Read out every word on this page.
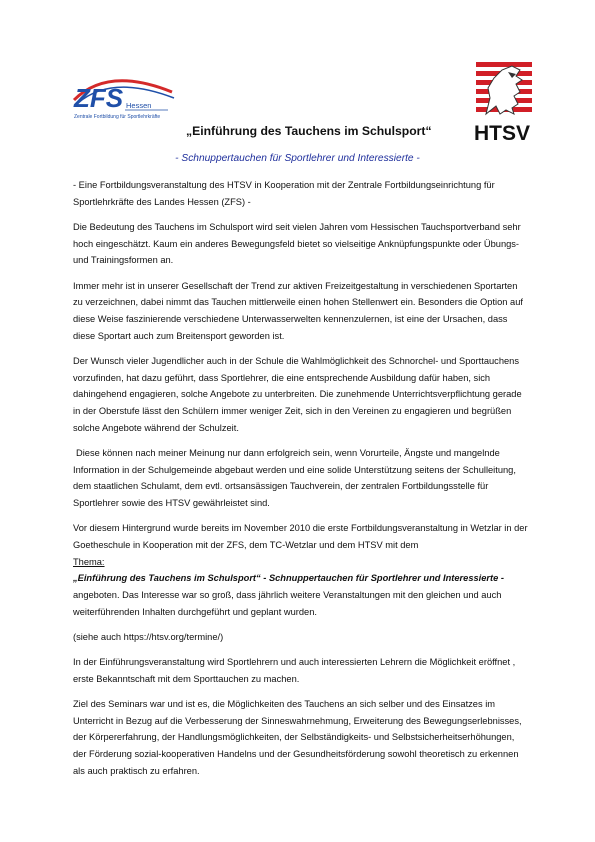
ZFS Hessen
Zentrale Fortbildung für Sportlehrkräfte
HTSV
„Einführung des Tauchens im Schulsport“
- Schnuppertauchen für Sportlehrer und Interessierte -

- Eine Fortbildungsveranstaltung des HTSV in Kooperation mit der Zentrale Fortbildungseinrichtung für Sportlehrkräfte des Landes Hessen (ZFS) -

Die Bedeutung des Tauchens im Schulsport wird seit vielen Jahren vom Hessischen Tauchsportverband sehr hoch eingeschätzt. Kaum ein anderes Bewegungsfeld bietet so vielseitige Anknüpfungspunkte oder Übungs- und Trainingsformen an.

Immer mehr ist in unserer Gesellschaft der Trend zur aktiven Freizeitgestaltung in verschiedenen Sportarten zu verzeichnen, dabei nimmt das Tauchen mittlerweile einen hohen Stellenwert ein. Besonders die Option auf diese Weise faszinierende verschiedene Unterwasserwelten kennenzulernen, ist eine der Ursachen, dass diese Sportart auch zum Breitensport geworden ist.

Der Wunsch vieler Jugendlicher auch in der Schule die Wahlmöglichkeit des Schnorchel- und Sporttauchens vorzufinden, hat dazu geführt, dass Sportlehrer, die eine entsprechende Ausbildung dafür haben, sich dahingehend engagieren, solche Angebote zu unterbreiten. Die zunehmende Unterrichtsverpflichtung gerade in der Oberstufe lässt den Schülern immer weniger Zeit, sich in den Vereinen zu engagieren und begrüßen solche Angebote während der Schulzeit.

Diese können nach meiner Meinung nur dann erfolgreich sein, wenn Vorurteile, Ängste und mangelnde Information in der Schulgemeinde abgebaut werden und eine solide Unterstützung seitens der Schulleitung, dem staatlichen Schulamt, dem evtl. ortsansässigen Tauchverein, der zentralen Fortbildungsstelle für Sportlehrer sowie des HTSV gewährleistet sind.

Vor diesem Hintergrund wurde bereits im November 2010 die erste Fortbildungsveranstaltung in Wetzlar in der Goetheschule in Kooperation mit der ZFS, dem TC-Wetzlar und dem HTSV mit dem
Thema:
„Einführung des Tauchens im Schulsport“ - Schnuppertauchen für Sportlehrer und Interessierte -
angeboten. Das Interesse war so groß, dass jährlich weitere Veranstaltungen mit den gleichen und auch weiterführenden Inhalten durchgeführt und geplant wurden.

(siehe auch https://htsv.org/termine/)

In der Einführungsveranstaltung wird Sportlehrern und auch interessierten Lehrern die Möglichkeit eröffnet , erste Bekanntschaft mit dem Sporttauchen zu machen.

Ziel des Seminars war und ist es, die Möglichkeiten des Tauchens an sich selber und des Einsatzes im Unterricht in Bezug auf die Verbesserung der Sinneswahrnehmung, Erweiterung des Bewegungserlebnisses, der Körpererfahrung, der Handlungsmöglichkeiten, der Selbständigkeits- und Selbstsicherheitserhöhungen, der Förderung sozial-kooperativen Handelns und der Gesundheitsförderung sowohl theoretisch zu erkennen als auch praktisch zu erfahren.
